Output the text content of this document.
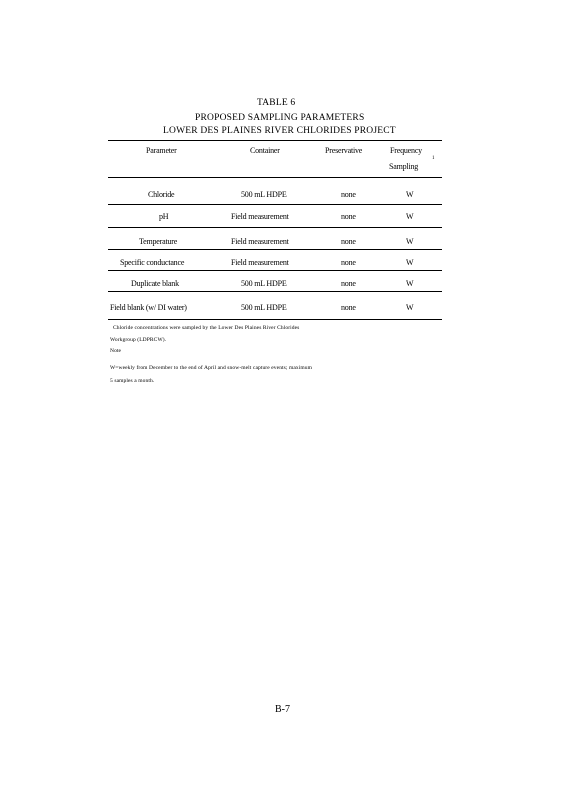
TABLE 6
PROPOSED SAMPLING PARAMETERS
LOWER DES PLAINES RIVER CHLORIDES PROJECT
Parameter	Container	Preservative	Frequency
Sampling
1
Chloride	500 mL HDPE	none	W
pH	Field measurement	none	W
Temperature	Field measurement	none	W
Specific conductance	Field measurement	none	W
Duplicate blank	500 mL HDPE	none	W
Field blank (w/ DI water)	500 mL HDPE	none	W
Chloride concentrations were sampled by the Lower Des Plaines River Chlorides
Workgroup (LDPRCW).
Note
W=weekly from December to the end of April and snow-melt capture events; maximum
5 samples a month.
B-7
